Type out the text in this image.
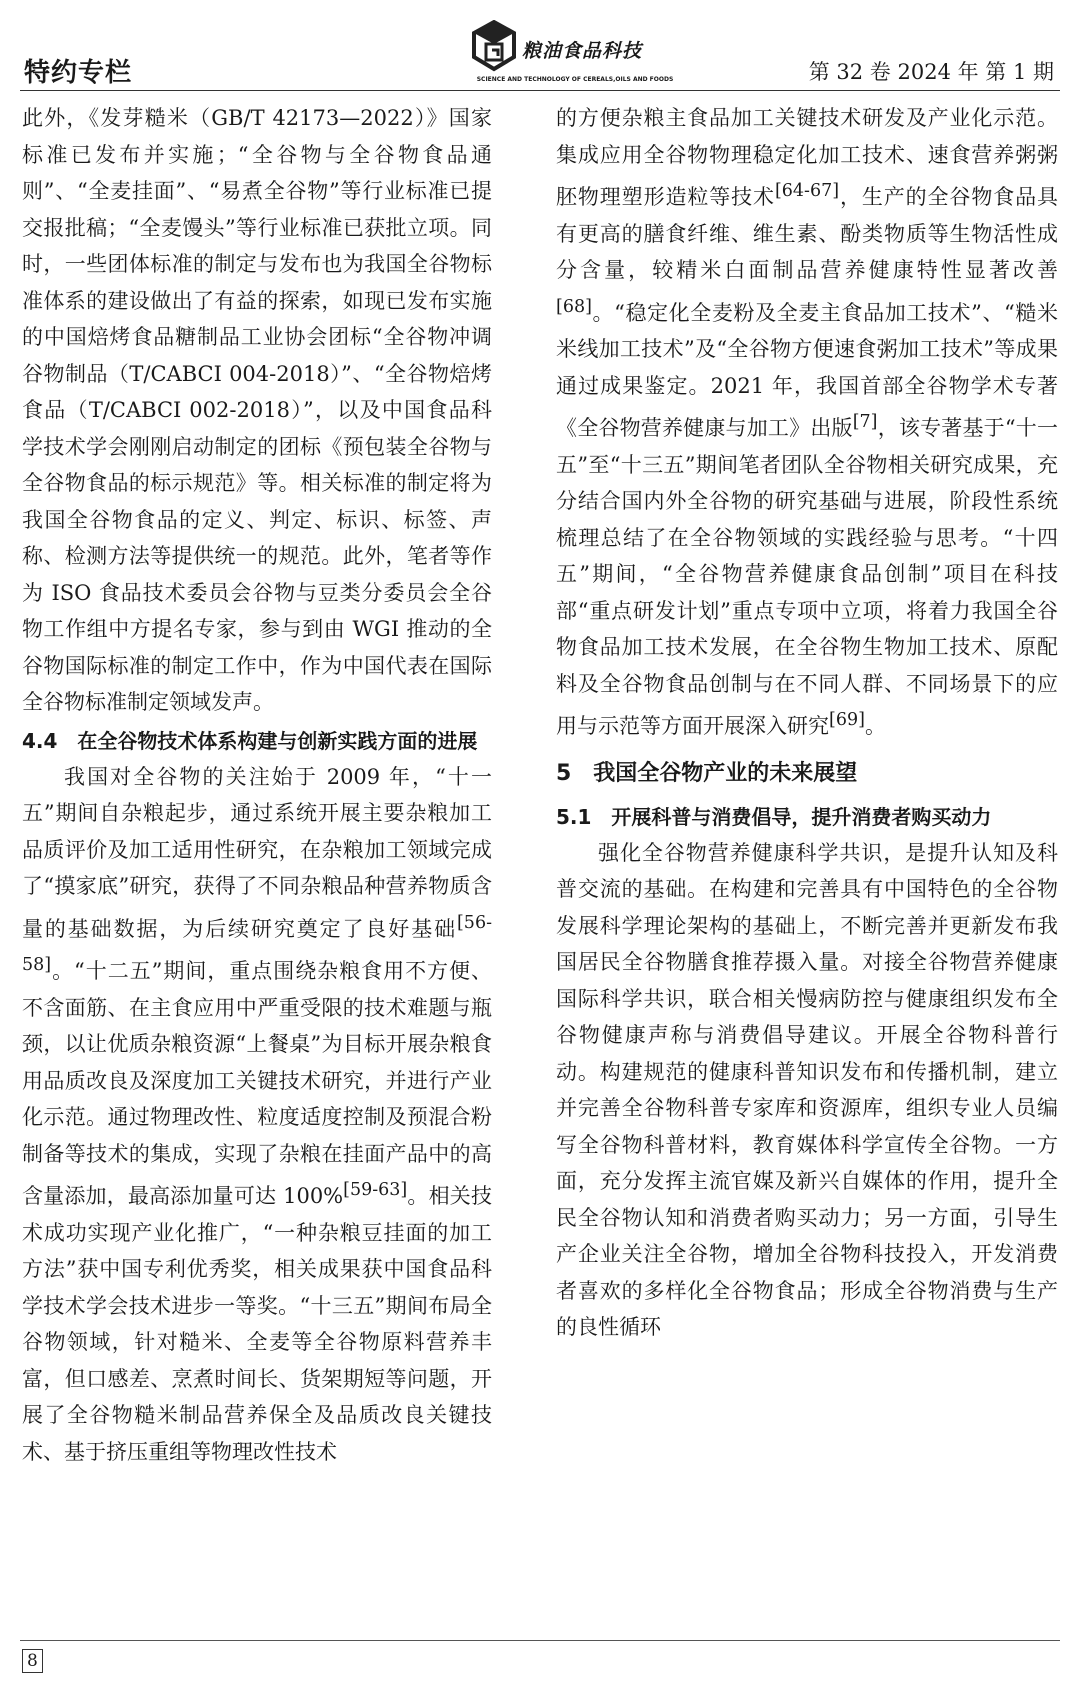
特约专栏
粮油食品科技
SCIENCE AND TECHNOLOGY OF CEREALS,OILS AND FOODS	第 32 卷 2024 年 第 1 期

此外，《发芽糙米（GB/T 42173—2022）》国家标准已发布并实施；“全谷物与全谷物食品通则”、“全麦挂面”、“易煮全谷物”等行业标准已提交报批稿；“全麦馒头”等行业标准已获批立项。同时，一些团体标准的制定与发布也为我国全谷物标准体系的建设做出了有益的探索，如现已发布实施的中国焙烤食品糖制品工业协会团标“全谷物冲调谷物制品（T/CABCI 004-2018）”、“全谷物焙烤食品（T/CABCI 002-2018）”，以及中国食品科学技术学会刚刚启动制定的团标《预包装全谷物与全谷物食品的标示规范》等。相关标准的制定将为我国全谷物食品的定义、判定、标识、标签、声称、检测方法等提供统一的规范。此外，笔者等作为 ISO 食品技术委员会谷物与豆类分委员会全谷物工作组中方提名专家，参与到由 WGI 推动的全谷物国际标准的制定工作中，作为中国代表在国际全谷物标准制定领域发声。

4.4　在全谷物技术体系构建与创新实践方面的进展

我国对全谷物的关注始于 2009 年，“十一五”期间自杂粮起步，通过系统开展主要杂粮加工品质评价及加工适用性研究，在杂粮加工领域完成了“摸家底”研究，获得了不同杂粮品种营养物质含量的基础数据，为后续研究奠定了良好基础[56-58]。“十二五”期间，重点围绕杂粮食用不方便、不含面筋、在主食应用中严重受限的技术难题与瓶颈，以让优质杂粮资源“上餐桌”为目标开展杂粮食用品质改良及深度加工关键技术研究，并进行产业化示范。通过物理改性、粒度适度控制及预混合粉制备等技术的集成，实现了杂粮在挂面产品中的高含量添加，最高添加量可达 100%[59-63]。相关技术成功实现产业化推广，“一种杂粮豆挂面的加工方法”获中国专利优秀奖，相关成果获中国食品科学技术学会技术进步一等奖。“十三五”期间布局全谷物领域，针对糙米、全麦等全谷物原料营养丰富，但口感差、烹煮时间长、货架期短等问题，开展了全谷物糙米制品营养保全及品质改良关键技术、基于挤压重组等物理改性技术

的方便杂粮主食品加工关键技术研发及产业化示范。集成应用全谷物物理稳定化加工技术、速食营养粥粥胚物理塑形造粒等技术[64-67]，生产的全谷物食品具有更高的膳食纤维、维生素、酚类物质等生物活性成分含量，较精米白面制品营养健康特性显著改善[68]。“稳定化全麦粉及全麦主食品加工技术”、“糙米米线加工技术”及“全谷物方便速食粥加工技术”等成果通过成果鉴定。2021 年，我国首部全谷物学术专著《全谷物营养健康与加工》出版[7]，该专著基于“十一五”至“十三五”期间笔者团队全谷物相关研究成果，充分结合国内外全谷物的研究基础与进展，阶段性系统梳理总结了在全谷物领域的实践经验与思考。“十四五”期间，“全谷物营养健康食品创制”项目在科技部“重点研发计划”重点专项中立项，将着力我国全谷物食品加工技术发展，在全谷物生物加工技术、原配料及全谷物食品创制与在不同人群、不同场景下的应用与示范等方面开展深入研究[69]。

5　我国全谷物产业的未来展望
5.1　开展科普与消费倡导，提升消费者购买动力

强化全谷物营养健康科学共识，是提升认知及科普交流的基础。在构建和完善具有中国特色的全谷物发展科学理论架构的基础上，不断完善并更新发布我国居民全谷物膳食推荐摄入量。对接全谷物营养健康国际科学共识，联合相关慢病防控与健康组织发布全谷物健康声称与消费倡导建议。开展全谷物科普行动。构建规范的健康科普知识发布和传播机制，建立并完善全谷物科普专家库和资源库，组织专业人员编写全谷物科普材料，教育媒体科学宣传全谷物。一方面，充分发挥主流官媒及新兴自媒体的作用，提升全民全谷物认知和消费者购买动力；另一方面，引导生产企业关注全谷物，增加全谷物科技投入，开发消费者喜欢的多样化全谷物食品；形成全谷物消费与生产的良性循环

8
